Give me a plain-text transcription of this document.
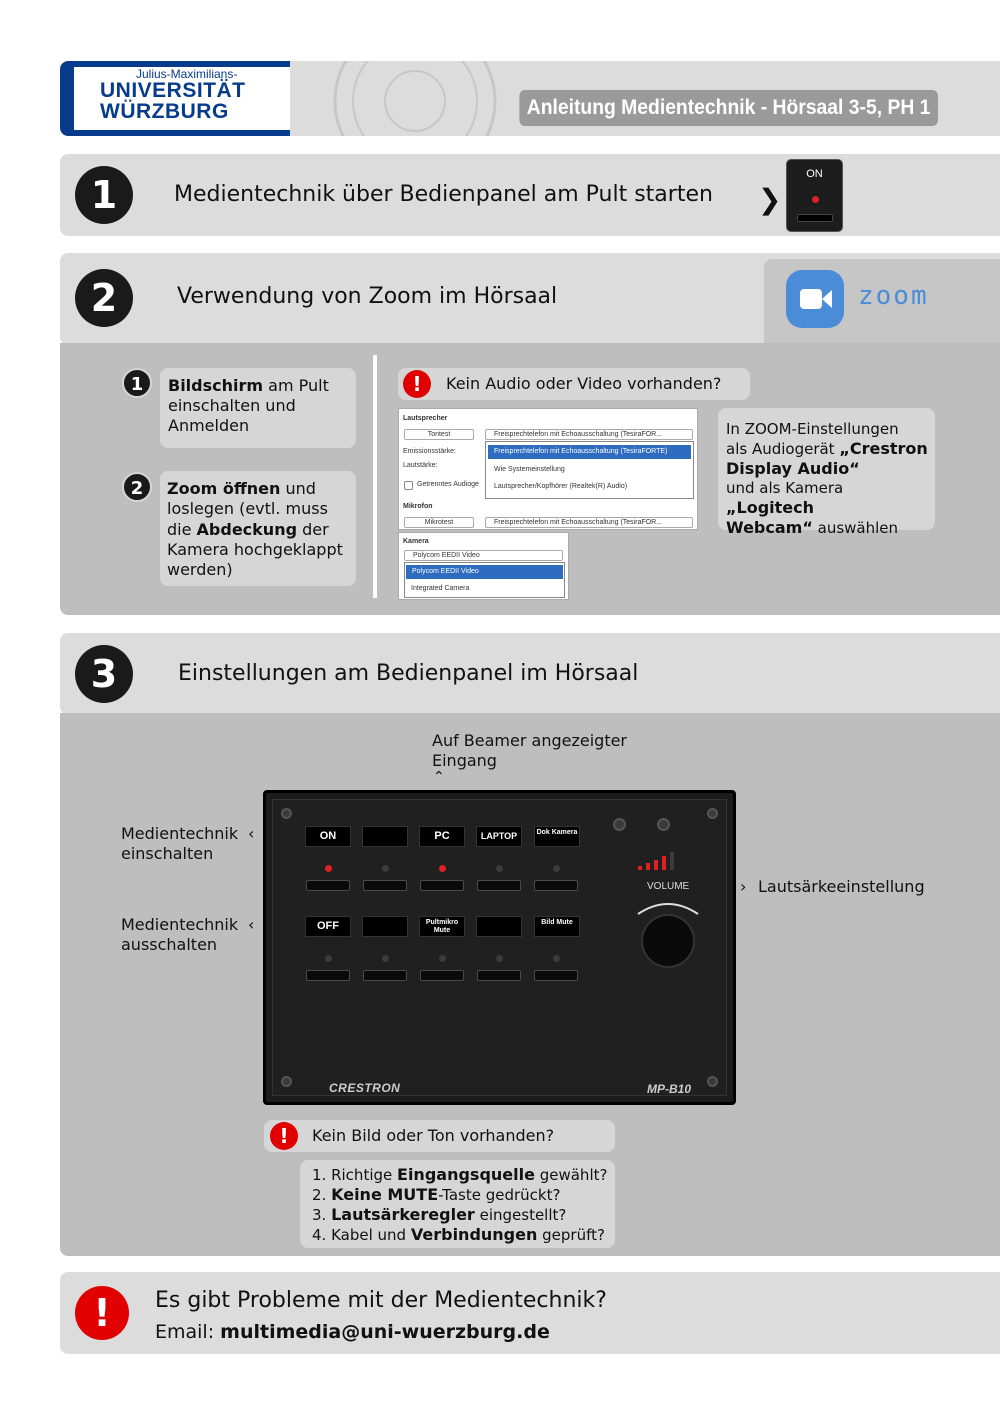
Julius-Maximilians-
UNIVERSITÄT
WÜRZBURG	Anleitung Medientechnik - Hörsaal 3-5, PH 1
1	Medientechnik über Bedienpanel am Pult starten ❯
ON
2	Verwendung von Zoom im Hörsaal	zoom
Bildschirm am Pult
einschalten und
Anmelden
1
Zoom öffnen und
loslegen (evtl. muss
die Abdeckung der
Kamera hochgeklappt
werden)
2
!	Kein Audio oder Video vorhanden?
Lautsprecher
Tontest	Freisprechtelefon mit Echoausschaltung (TesiraFOR...
Emissionsstärke:
Lautstärke:
Getrenntes Audioge
Freisprechtelefon mit Echoausschaltung (TesiraFORTE)
Wie Systemeinstellung
Lautsprecher/Kopfhörer (Realtek(R) Audio)
Mikrofon
Mikrotest	Freisprechtelefon mit Echoausschaltung (TesiraFOR...
Kamera
Polycom EEDII Video
Polycom EEDII Video
Integrated Camera
In ZOOM-Einstellungen
als Audiogerät „Crestron
Display Audio“
und als Kamera „Logitech
Webcam“ auswählen
3	Einstellungen am Bedienpanel im Hörsaal
Auf Beamer angezeigter
Eingang
⌃
Medientechnik
einschalten
‹
Medientechnik
ausschalten
‹
› Lautsärkeeinstellung
ON	PC	LAPTOP	Dok Kamera
OFF	Pultmikro Mute
Bild Mute
VOLUME
CRESTRON	MP-B10
!	Kein Bild oder Ton vorhanden?
1. Richtige Eingangsquelle gewählt?
2. Keine MUTE-Taste gedrückt?
3. Lautsärkeregler eingestellt?
4. Kabel und Verbindungen geprüft?
!	Es gibt Probleme mit der Medientechnik?
Email: multimedia@uni-wuerzburg.de
